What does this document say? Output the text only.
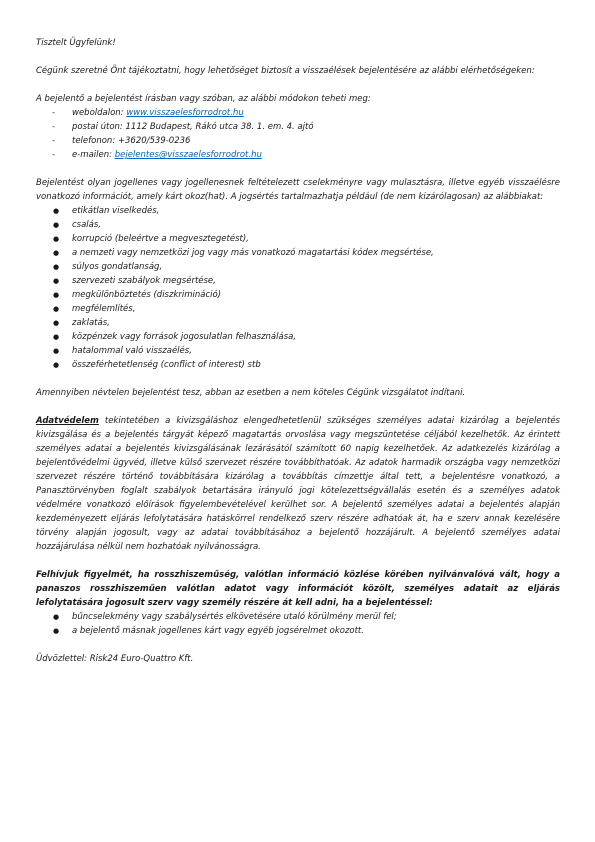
Tisztelt Ügyfelünk!

Cégünk szeretné Önt tájékoztatni, hogy lehetőséget biztosít a visszaélések bejelentésére az alábbi elérhetőségeken:

A bejelentő a bejelentést írásban vagy szóban, az alábbi módokon teheti meg:

- weboldalon: www.visszaelesforrodrot.hu
- postai úton: 1112 Budapest, Rákó utca 38. 1. em. 4. ajtó
- telefonon: +3620/539-0236
- e-mailen: bejelentes@visszaelesforrodrot.hu

Bejelentést olyan jogellenes vagy jogellenesnek feltételezett cselekményre vagy mulasztásra, illetve egyéb visszaélésre vonatkozó információt, amely kárt okoz(hat). A jogsértés tartalmazhatja például (de nem kizárólagosan) az alábbiakat:

● etikátlan viselkedés,
● csalás,
● korrupció (beleértve a megvesztegetést),
● a nemzeti vagy nemzetközi jog vagy más vonatkozó magatartási kódex megsértése,
● súlyos gondatlanság,
● szervezeti szabályok megsértése,
● megkülönböztetés (diszkrimináció)
● megfélemlítés,
● zaklatás,
● közpénzek vagy források jogosulatlan felhasználása,
● hatalommal való visszaélés,
● összeférhetetlenség (conflict of interest) stb

Amennyiben névtelen bejelentést tesz, abban az esetben a nem köteles Cégünk vizsgálatot indítani.

Adatvédelem tekintetében a kivizsgáláshoz elengedhetetlenül szükséges személyes adatai kizárólag a bejelentés kivizsgálása és a bejelentés tárgyát képező magatartás orvoslása vagy megszüntetése céljából kezelhetők. Az érintett személyes adatai a bejelentés kivizsgálásának lezárásától számított 60 napig kezelhetőek. Az adatkezelés kizárólag a bejelentővédelmi ügyvéd, illetve külső szervezet részére továbbíthatóak. Az adatok harmadik országba vagy nemzetközi szervezet részére történő továbbítására kizárólag a továbbítás címzettje által tett, a bejelentésre vonatkozó, a Panasztörvényben foglalt szabályok betartására irányuló jogi kötelezettségvállalás esetén és a személyes adatok védelmére vonatkozó előírások figyelembevételével kerülhet sor. A bejelentő személyes adatai a bejelentés alapján kezdeményezett eljárás lefolytatására hatáskörrel rendelkező szerv részére adhatóak át, ha e szerv annak kezelésére törvény alapján jogosult, vagy az adatai továbbításához a bejelentő hozzájárult. A bejelentő személyes adatai hozzájárulása nélkül nem hozhatóak nyilvánosságra.

Felhívjuk figyelmét, ha rosszhiszeműség, valótlan információ közlése körében nyilvánvalóvá vált, hogy a panaszos rosszhiszeműen valótlan adatot vagy információt közölt, személyes adatait az eljárás lefolytatására jogosult szerv vagy személy részére át kell adni, ha a bejelentéssel:

● bűncselekmény vagy szabálysértés elkövetésére utaló körülmény merül fel;
● a bejelentő másnak jogellenes kárt vagy egyéb jogsérelmet okozott.

Üdvözlettel: Risk24 Euro-Quattro Kft.
